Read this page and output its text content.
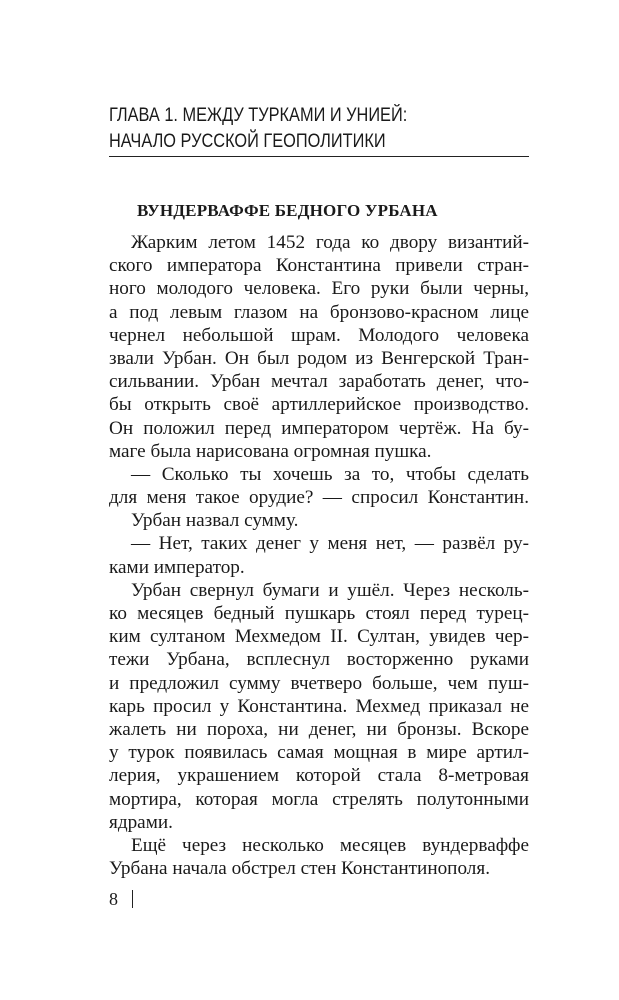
ГЛАВА 1. МЕЖДУ ТУРКАМИ И УНИЕЙ:
НАЧАЛО РУССКОЙ ГЕОПОЛИТИКИ
ВУНДЕРВАФФЕ БЕДНОГО УРБАНА
Жарким летом 1452 года ко двору византий-
ского императора Константина привели стран-
ного молодого человека. Его руки были черны,
а под левым глазом на бронзово-красном лице
чернел небольшой шрам. Молодого человека
звали Урбан. Он был родом из Венгерской Тран-
сильвании. Урбан мечтал заработать денег, что-
бы открыть своё артиллерийское производство.
Он положил перед императором чертёж. На бу-
маге была нарисована огромная пушка.
— Сколько ты хочешь за то, чтобы сделать
для меня такое орудие? — спросил Константин.
Урбан назвал сумму.
— Нет, таких денег у меня нет, — развёл ру-
ками император.
Урбан свернул бумаги и ушёл. Через несколь-
ко месяцев бедный пушкарь стоял перед турец-
ким султаном Мехмедом II. Султан, увидев чер-
тежи Урбана, всплеснул восторженно руками
и предложил сумму вчетверо больше, чем пуш-
карь просил у Константина. Мехмед приказал не
жалеть ни пороха, ни денег, ни бронзы. Вскоре
у турок появилась самая мощная в мире артил-
лерия, украшением которой стала 8-метровая
мортира, которая могла стрелять полутонными
ядрами.
Ещё через несколько месяцев вундерваффе
Урбана начала обстрел стен Константинополя.
8
